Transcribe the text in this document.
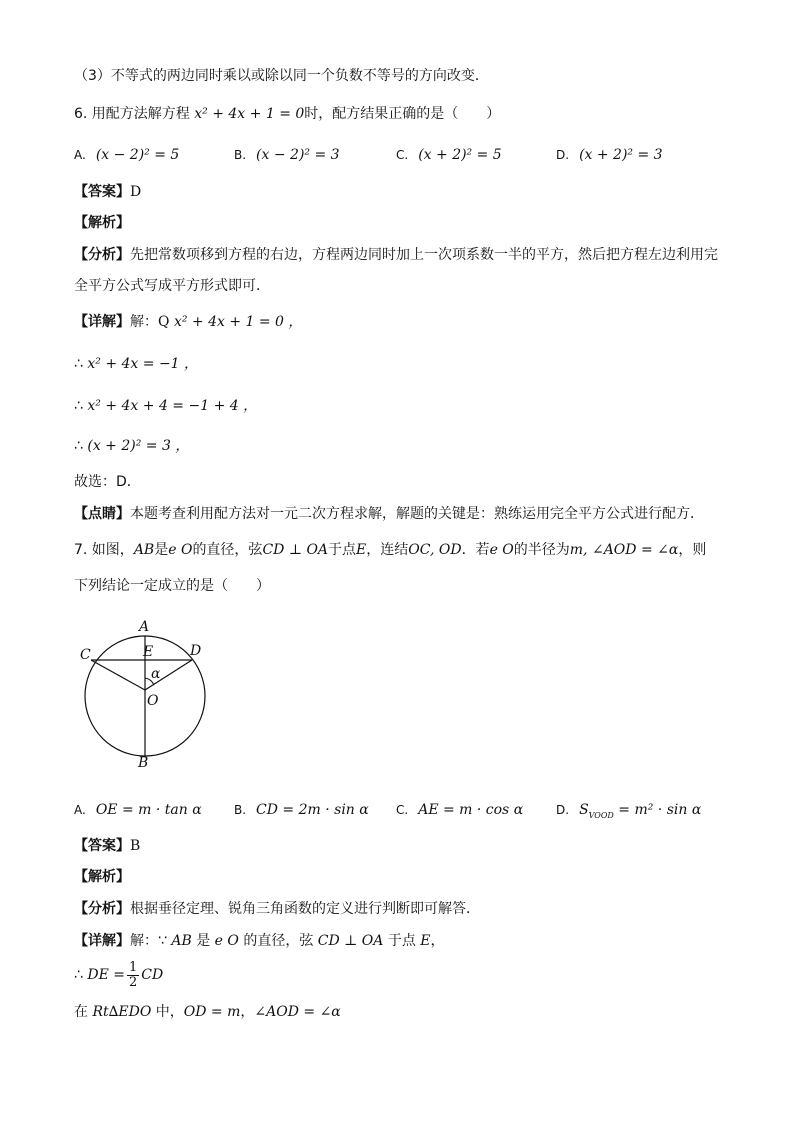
（3）不等式的两边同时乘以或除以同一个负数不等号的方向改变．
6. 用配方法解方程 x² + 4x + 1 = 0时，配方结果正确的是（　　）
A. (x − 2)² = 5	B. (x − 2)² = 3	C. (x + 2)² = 5	D. (x + 2)² = 3
【答案】D
【解析】
【分析】先把常数项移到方程的右边，方程两边同时加上一次项系数一半的平方，然后把方程左边利用完
全平方公式写成平方形式即可．
【详解】解：Q x² + 4x + 1 = 0 ，
∴ x² + 4x = −1 ，
∴ x² + 4x + 4 = −1 + 4 ，
∴ (x + 2)² = 3 ，
故选：D．
【点睛】本题考查利用配方法对一元二次方程求解，解题的关键是：熟练运用完全平方公式进行配方．
7. 如图，AB是e O的直径，弦CD ⊥ OA于点E，连结OC, OD．若e O的半径为m, ∠AOD = ∠α，则
下列结论一定成立的是（　　）
A
C	D
E
α
O
B
A. OE = m · tan α	B. CD = 2m · sin α C. AE = m · cos α	D. $S_{VOOD} = m^2 \cdot \sin \alpha$
【答案】B
【解析】
【分析】根据垂径定理、锐角三角函数的定义进行判断即可解答．
【详解】解：∵ AB 是 e O 的直径，弦 CD ⊥ OA 于点 E，
∴ DE = $\frac{1}{2}$ CD
在 Rt∆EDO 中，OD = m，∠AOD = ∠α
